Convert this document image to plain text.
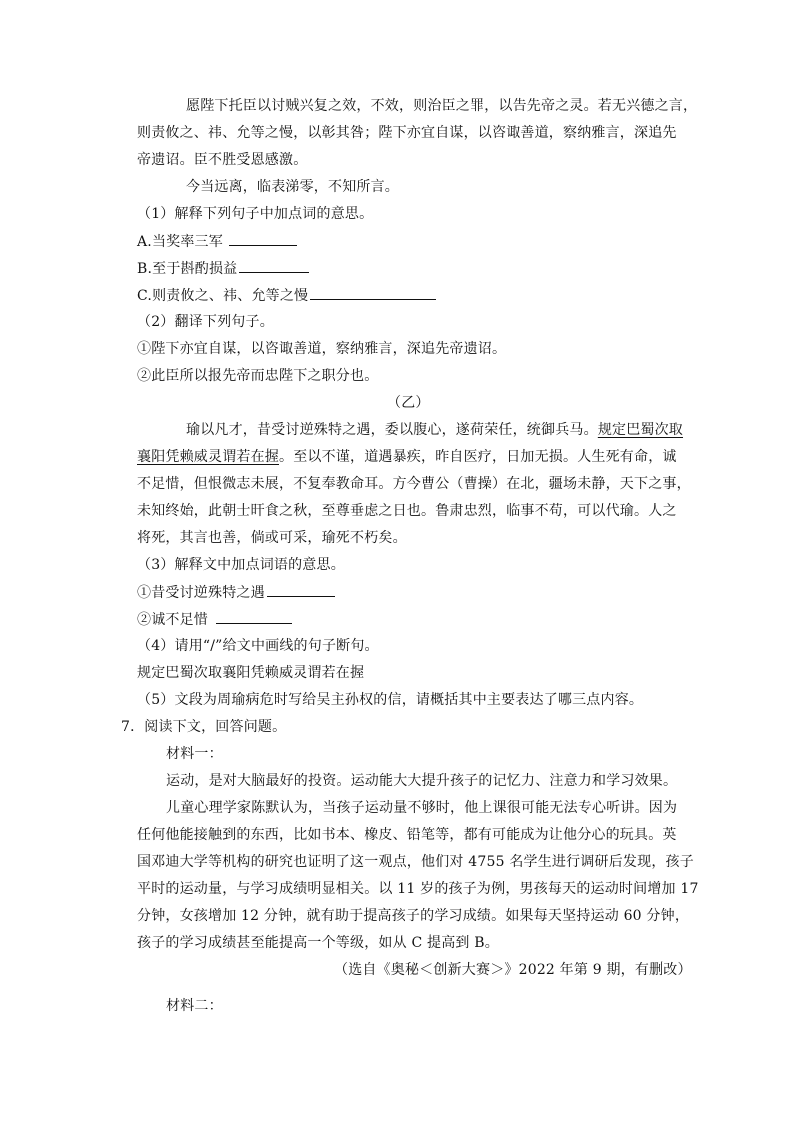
愿陛下托臣以讨贼兴复之效，不效，则治臣之罪，以告先帝之灵。若无兴德之言，
则责攸之、祎、允等之慢，以彰其咎；陛下亦宜自谋，以咨诹善道，察纳雅言，深追先
帝遗诏。臣不胜受恩感激。
今当远离，临表涕零，不知所言。
（1）解释下列句子中加点词的意思。
A.当奖率三军
B.至于斟酌损益
C.则责攸之、祎、允等之慢
（2）翻译下列句子。
①陛下亦宜自谋，以咨诹善道，察纳雅言，深追先帝遗诏。
②此臣所以报先帝而忠陛下之职分也。
（乙）
瑜以凡才，昔受讨逆殊特之遇，委以腹心，遂荷荣任，统御兵马。规定巴蜀次取
襄阳凭赖威灵谓若在握。至以不谨，道遇暴疾，昨自医疗，日加无损。人生死有命，诚
不足惜，但恨微志未展，不复奉教命耳。方今曹公（曹操）在北，疆场未静，天下之事，
未知终始，此朝士旰食之秋，至尊垂虑之日也。鲁肃忠烈，临事不苟，可以代瑜。人之
将死，其言也善，倘或可采，瑜死不朽矣。
（3）解释文中加点词语的意思。
①昔受讨逆殊特之遇
②诚不足惜
（4）请用“/”给文中画线的句子断句。
规定巴蜀次取襄阳凭赖威灵谓若在握
（5）文段为周瑜病危时写给吴主孙权的信，请概括其中主要表达了哪三点内容。
7．阅读下文，回答问题。
材料一：
运动，是对大脑最好的投资。运动能大大提升孩子的记忆力、注意力和学习效果。
儿童心理学家陈默认为，当孩子运动量不够时，他上课很可能无法专心听讲。因为
任何他能接触到的东西，比如书本、橡皮、铅笔等，都有可能成为让他分心的玩具。英
国邓迪大学等机构的研究也证明了这一观点，他们对 4755 名学生进行调研后发现，孩子
平时的运动量，与学习成绩明显相关。以 11 岁的孩子为例，男孩每天的运动时间增加 17
分钟，女孩增加 12 分钟，就有助于提高孩子的学习成绩。如果每天坚持运动 60 分钟，
孩子的学习成绩甚至能提高一个等级，如从 C 提高到 B。
（选自《奥秘＜创新大赛＞》2022 年第 9 期，有删改）
材料二：
